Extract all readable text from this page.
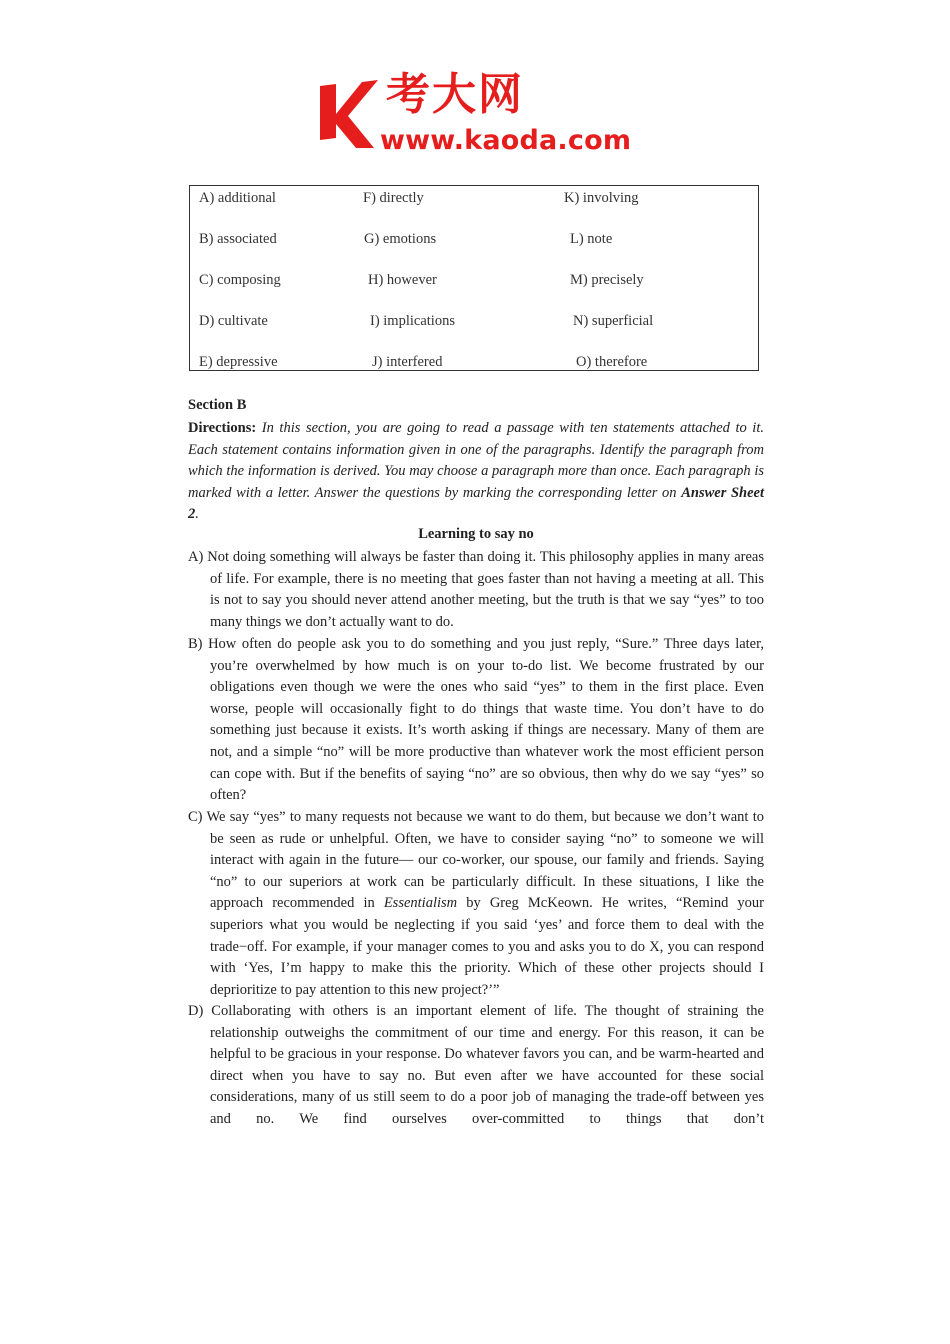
考大网
www.kaoda.com
A) additional
B) associated
C) composing
D) cultivate
E) depressive
F) directly
G) emotions
H) however
I) implications
J) interfered
K) involving
L) note
M) precisely
N) superficial
O) therefore
Section B
Directions: In this section, you are going to read a passage with ten statements attached to it. Each statement contains information given in one of the paragraphs. Identify the paragraph from which the information is derived. You may choose a paragraph more than once. Each paragraph is marked with a letter. Answer the questions by marking the corresponding letter on Answer Sheet 2.
Learning to say no
A) Not doing something will always be faster than doing it. This philosophy applies in many areas of life. For example, there is no meeting that goes faster than not having a meeting at all. This is not to say you should never attend another meeting, but the truth is that we say “yes” to too many things we don’t actually want to do.
B) How often do people ask you to do something and you just reply, “Sure.” Three days later, you’re overwhelmed by how much is on your to-do list. We become frustrated by our obligations even though we were the ones who said “yes” to them in the first place. Even worse, people will occasionally fight to do things that waste time. You don’t have to do something just because it exists. It’s worth asking if things are necessary. Many of them are not, and a simple “no” will be more productive than whatever work the most efficient person can cope with. But if the benefits of saying “no” are so obvious, then why do we say “yes” so often?
C) We say “yes” to many requests not because we want to do them, but because we don’t want to be seen as rude or unhelpful. Often, we have to consider saying “no” to someone we will interact with again in the future— our co-worker, our spouse, our family and friends. Saying “no” to our superiors at work can be particularly difficult. In these situations, I like the approach recommended in Essentialism by Greg McKeown. He writes, “Remind your superiors what you would be neglecting if you said ‘yes’ and force them to deal with the trade−off. For example, if your manager comes to you and asks you to do X, you can respond with ‘Yes, I’m happy to make this the priority. Which of these other projects should I deprioritize to pay attention to this new project?’”
D) Collaborating with others is an important element of life. The thought of straining the relationship outweighs the commitment of our time and energy. For this reason, it can be helpful to be gracious in your response. Do whatever favors you can, and be warm-hearted and direct when you have to say no. But even after we have accounted for these social considerations, many of us still seem to do a poor job of managing the trade-off between yes and no. We find ourselves over-committed to things that don’t
